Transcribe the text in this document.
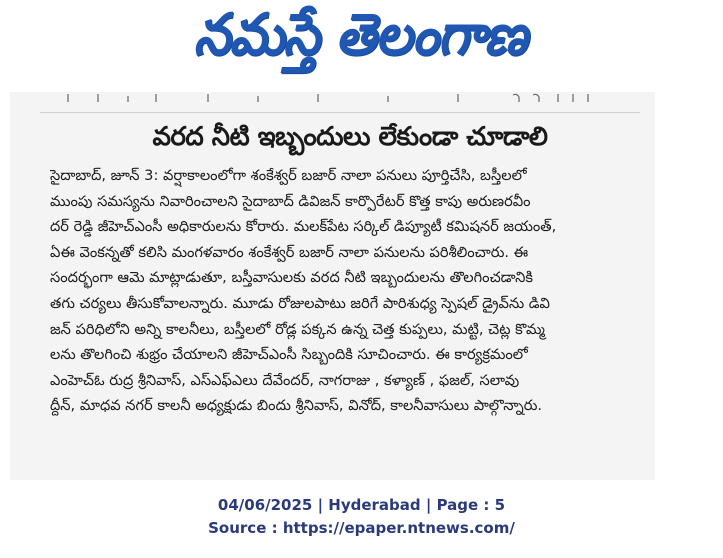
నమస్తే తెలంగాణ
వరద నీటి ఇబ్బందులు లేకుండా చూడాలి
సైదాబాద్, జూన్ 3: వర్షాకాలంలోగా శంకేశ్వర్ బజార్ నాలా పనులు పూర్తిచేసి, బస్తీలలో
ముంపు సమస్యను నివారించాలని సైదాబాద్ డివిజన్ కార్పొరేటర్ కొత్త కాపు అరుణరవీం
దర్ రెడ్డి జీహెచ్ఎంసీ అధికారులను కోరారు. మలక్‌పేట సర్కిల్ డిప్యూటీ కమిషనర్ జయంత్,
ఏఈ వెంకన్నతో కలిసి మంగళవారం శంకేశ్వర్ బజార్ నాలా పనులను పరిశీలించారు. ఈ
సందర్భంగా ఆమె మాట్లాడుతూ, బస్తీవాసులకు వరద నీటి ఇబ్బందులను తొలగించడానికి
తగు చర్యలు తీసుకోవాలన్నారు. మూడు రోజులపాటు జరిగే పారిశుధ్య స్పెషల్ డ్రైవ్‌ను డివి
జన్ పరిధిలోని అన్ని కాలనీలు, బస్తీలలో రోడ్ల పక్కన ఉన్న చెత్త కుప్పలు, మట్టి, చెట్ల కొమ్మ
లను తొలగించి శుభ్రం చేయాలని జీహెచ్ఎంసీ సిబ్బందికి సూచించారు. ఈ కార్యక్రమంలో
ఎంహెచ్ఓ రుద్ర శ్రీనివాస్, ఎస్ఎఫ్ఎలు దేవేందర్, నాగరాజు , కళ్యాణ్ , ఫజల్, సలావు
ద్దీన్, మాధవ నగర్ కాలనీ అధ్యక్షుడు బిందు శ్రీనివాస్, వినోద్, కాలనీవాసులు పాల్గొన్నారు.
04/06/2025 | Hyderabad | Page : 5
Source : https://epaper.ntnews.com/
